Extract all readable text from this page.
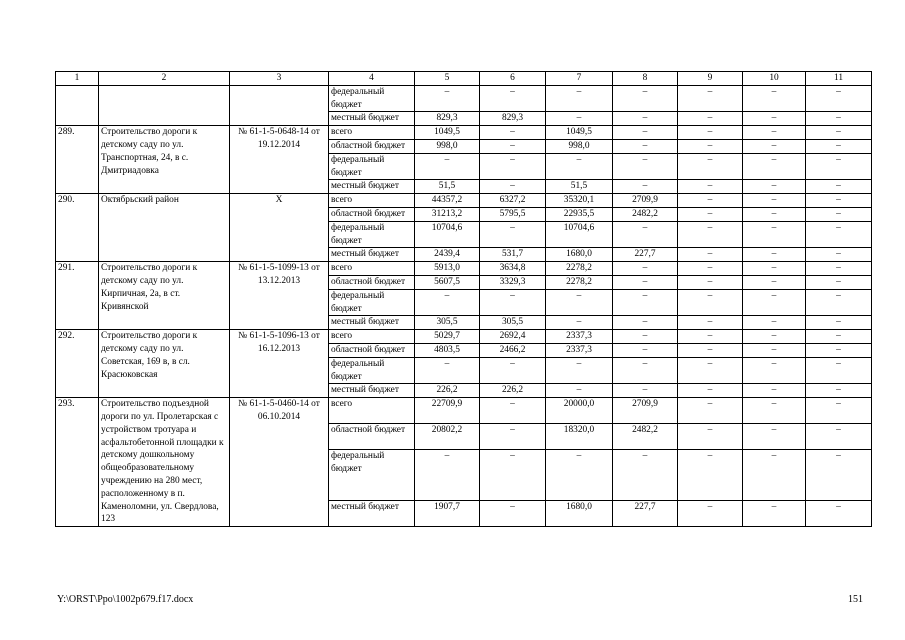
1	2	3	4	5	6	7	8	9	10	11
			федеральный бюджет	–	–	–	–	–	–	–
			местный бюджет	829,3	829,3	–	–	–	–	–
289.	Строительство дороги к детскому саду по ул. Транспортная, 24, в с. Дмитриадовка	№ 61-1-5-0648-14 от 19.12.2014	всего	1049,5	–	1049,5	–	–	–	–
			областной бюджет	998,0	–	998,0	–	–	–	–
			федеральный бюджет	–	–	–	–	–	–	–
			местный бюджет	51,5	–	51,5	–	–	–	–
290.	Октябрьский район	Х	всего	44357,2	6327,2	35320,1	2709,9	–	–	–
			областной бюджет	31213,2	5795,5	22935,5	2482,2	–	–	–
			федеральный бюджет	10704,6	–	10704,6	–	–	–	–
			местный бюджет	2439,4	531,7	1680,0	227,7	–	–	–
291.	Строительство дороги к детскому саду по ул. Кирпичная, 2а, в ст. Кривянской	№ 61-1-5-1099-13 от 13.12.2013	всего	5913,0	3634,8	2278,2	–	–	–	–
			областной бюджет	5607,5	3329,3	2278,2	–	–	–	–
			федеральный бюджет	–	–	–	–	–	–	–
			местный бюджет	305,5	305,5	–	–	–	–	–
292.	Строительство дороги к детскому саду по ул. Советская, 169 в, в сл. Красюковская	№ 61-1-5-1096-13 от 16.12.2013	всего	5029,7	2692,4	2337,3	–	–	–	–
			областной бюджет	4803,5	2466,2	2337,3	–	–	–	–
			федеральный бюджет	–	–	–	–	–	–	–
			местный бюджет	226,2	226,2	–	–	–	–	–
293.	Строительство подъездной дороги по ул. Пролетарская с устройством тротуара и асфальтобетонной площадки к детскому дошкольному общеобразовательному учреждению на 280 мест, расположенному в п. Каменоломни, ул. Свердлова, 123	№ 61-1-5-0460-14 от 06.10.2014	всего	22709,9	–	20000,0	2709,9	–	–	–
			областной бюджет	20802,2	–	18320,0	2482,2	–	–	–
			федеральный бюджет	–	–	–	–	–	–	–
			местный бюджет	1907,7	–	1680,0	227,7	–	–	–
Y:\ORST\Ppo\1002p679.f17.docx	151
